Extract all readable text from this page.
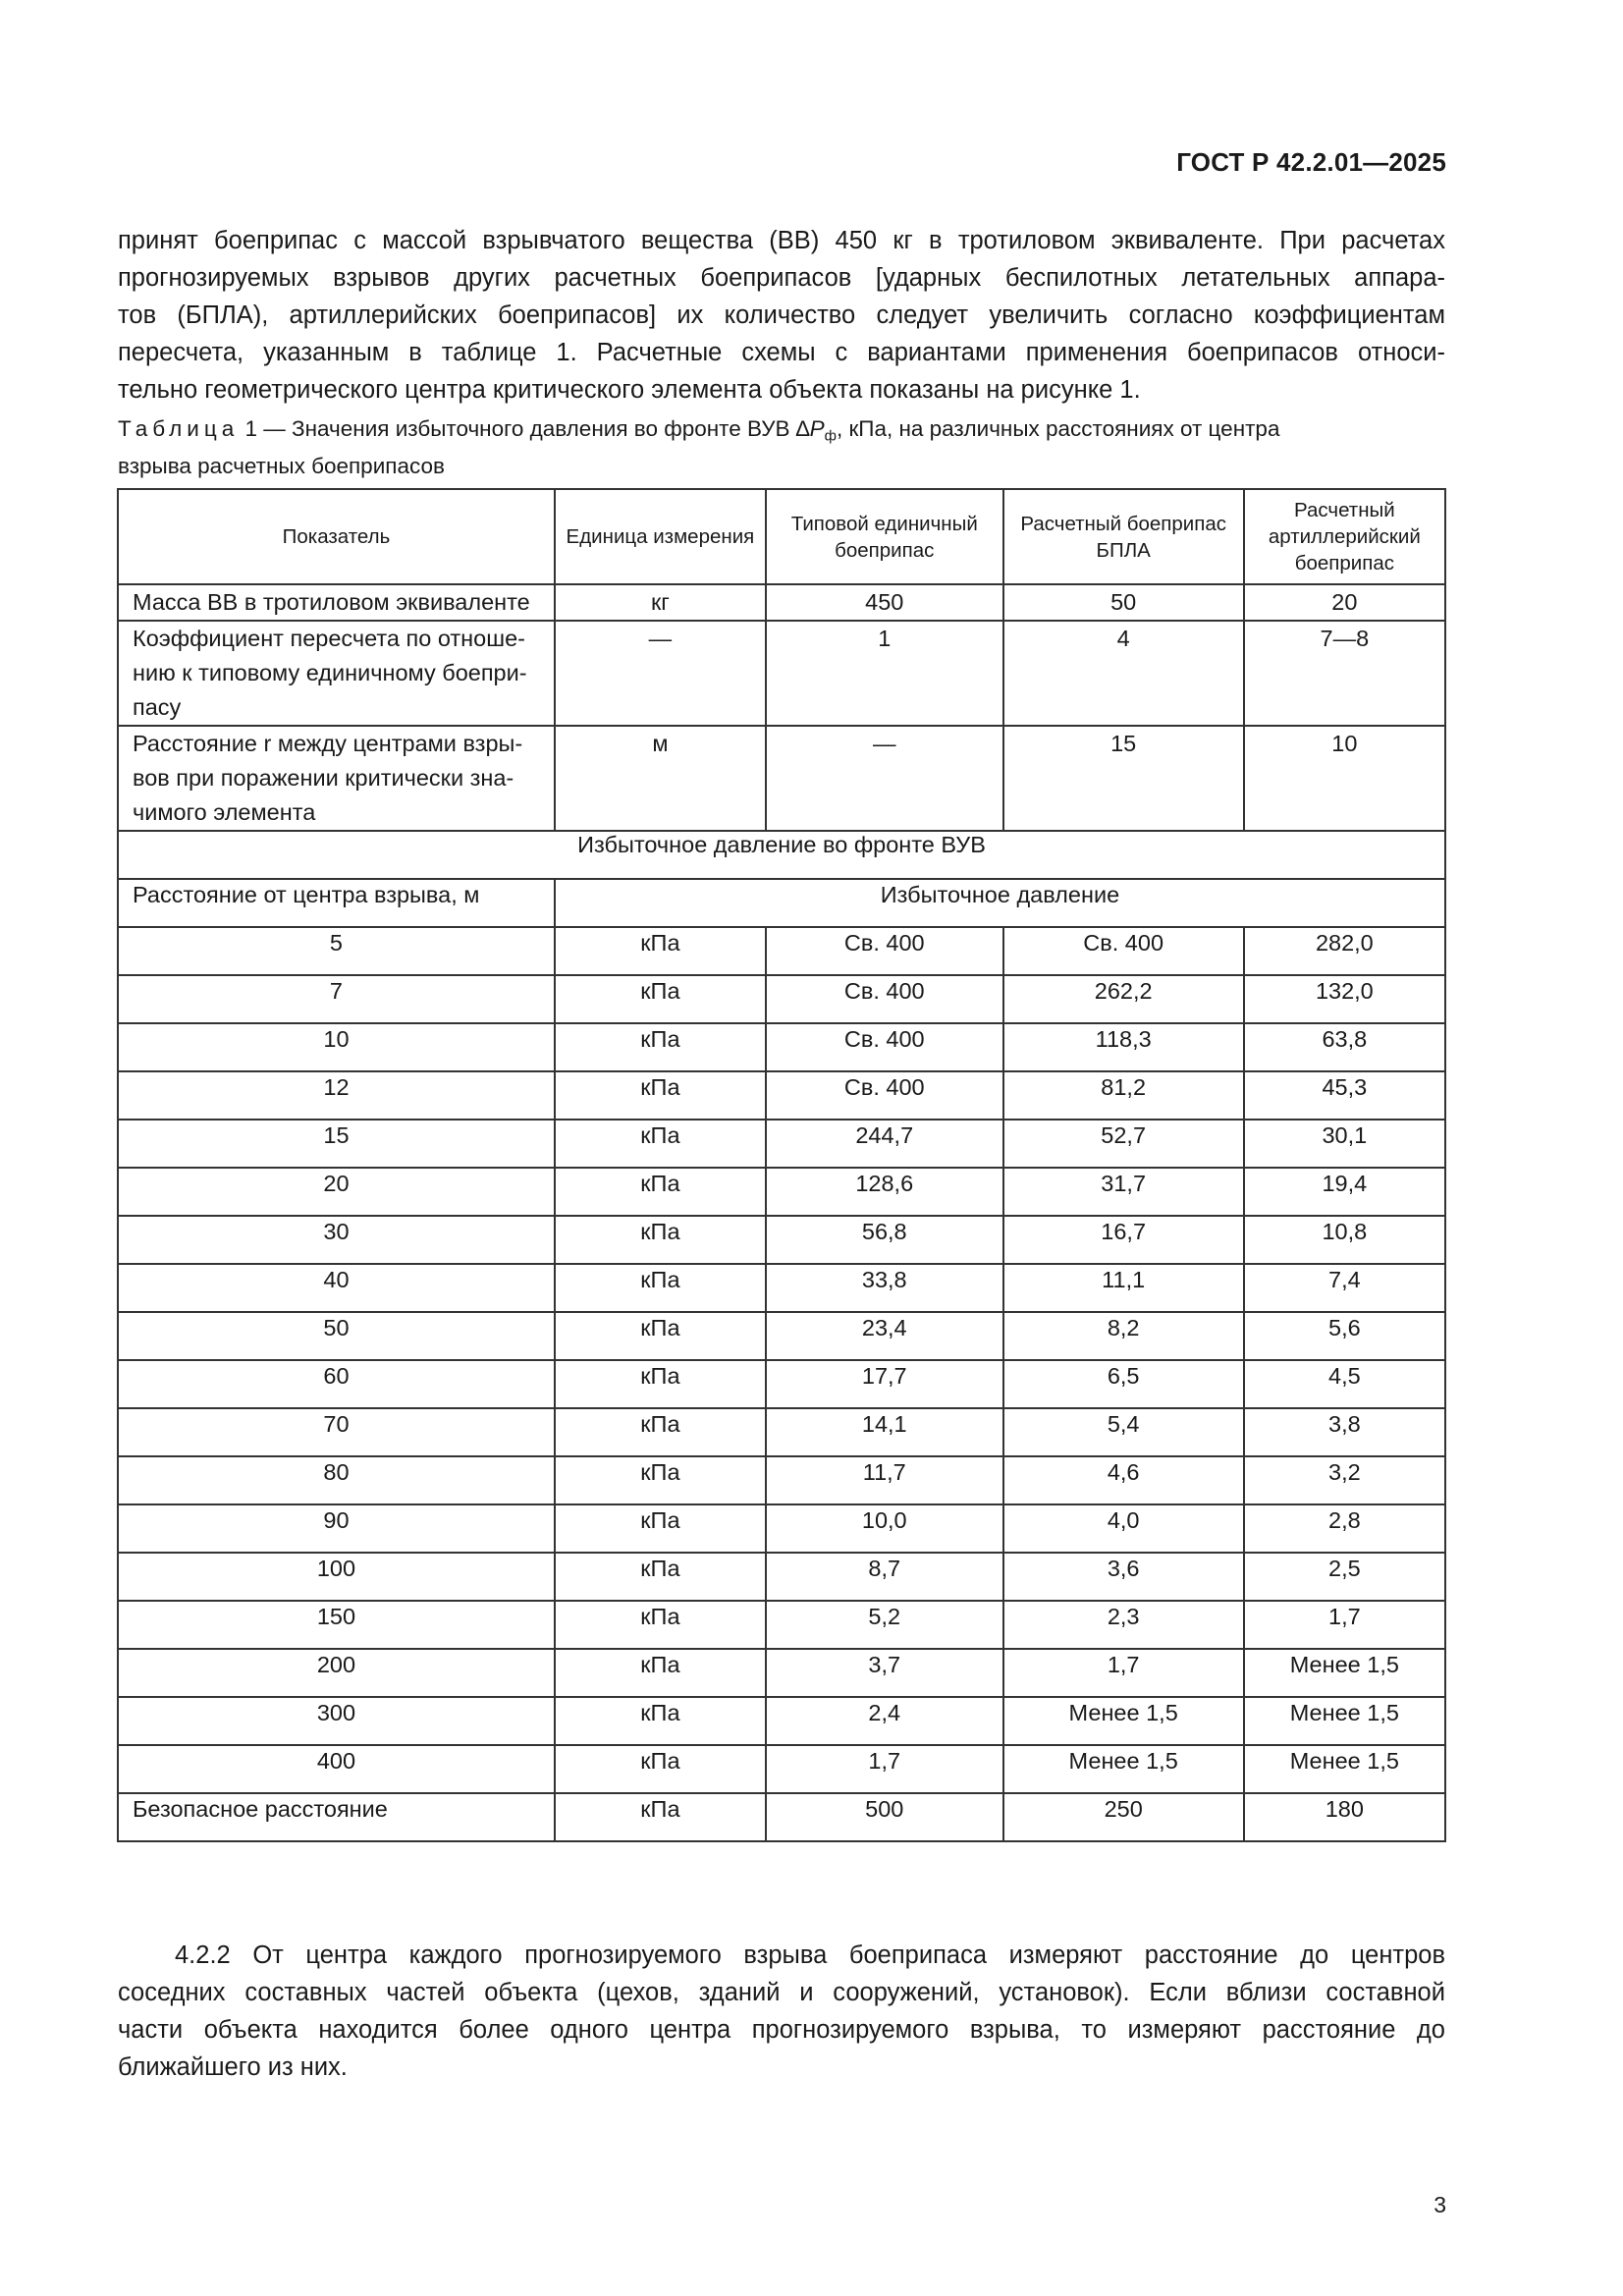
ГОСТ Р 42.2.01—2025

принят боеприпас с массой взрывчатого вещества (ВВ) 450 кг в тротиловом эквиваленте. При расчетах
прогнозируемых взрывов других расчетных боеприпасов [ударных беспилотных летательных аппара-
тов (БПЛА), артиллерийских боеприпасов] их количество следует увеличить согласно коэффициентам
пересчета, указанным в таблице 1. Расчетные схемы с вариантами применения боеприпасов относи-
тельно геометрического центра критического элемента объекта показаны на рисунке 1.

Таблица 1 — Значения избыточного давления во фронте ВУВ $\Delta P_ф$, кПа, на различных расстояниях от центра
взрыва расчетных боеприпасов
Показатель	Единица измерения	Типовой единичный боеприпас	Расчетный боеприпас БПЛА	Расчетный артиллерийский боеприпас
Масса ВВ в тротиловом эквиваленте	кг	450	50	20
Коэффициент пересчета по отноше-нию к типовому единичному боепри-пасу	—	1	4	7—8
Расстояние r между центрами взры-вов при поражении критически зна-чимого элемента	м	—	15	10
Избыточное давление во фронте ВУВ				
Расстояние от центра взрыва, м	Избыточное давление			
5	кПа	Св. 400	Св. 400	282,0
7	кПа	Св. 400	262,2	132,0
10	кПа	Св. 400	118,3	63,8
12	кПа	Св. 400	81,2	45,3
15	кПа	244,7	52,7	30,1
20	кПа	128,6	31,7	19,4
30	кПа	56,8	16,7	10,8
40	кПа	33,8	11,1	7,4
50	кПа	23,4	8,2	5,6
60	кПа	17,7	6,5	4,5
70	кПа	14,1	5,4	3,8
80	кПа	11,7	4,6	3,2
90	кПа	10,0	4,0	2,8
100	кПа	8,7	3,6	2,5
150	кПа	5,2	2,3	1,7
200	кПа	3,7	1,7	Менее 1,5
300	кПа	2,4	Менее 1,5	Менее 1,5
400	кПа	1,7	Менее 1,5	Менее 1,5
Безопасное расстояние	кПа	500	250	180

4.2.2 От центра каждого прогнозируемого взрыва боеприпаса измеряют расстояние до центров
соседних составных частей объекта (цехов, зданий и сооружений, установок). Если вблизи составной
части объекта находится более одного центра прогнозируемого взрыва, то измеряют расстояние до
ближайшего из них.

3
